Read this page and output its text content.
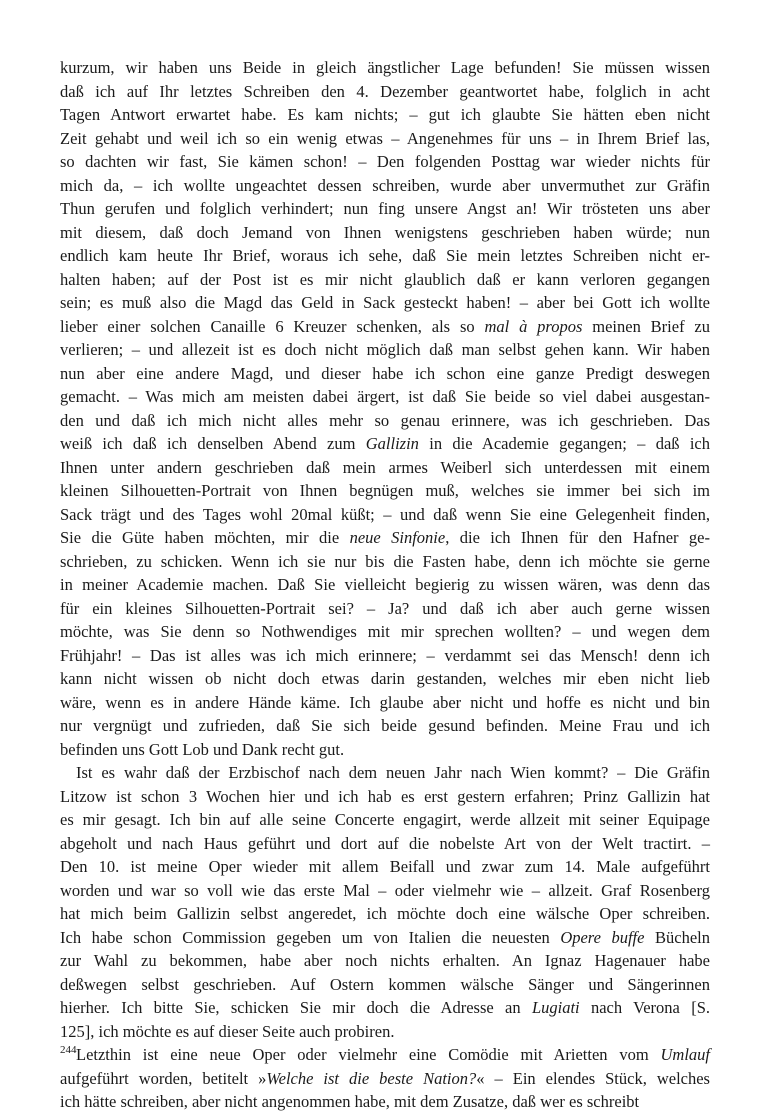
kurzum, wir haben uns Beide in gleich ängstlicher Lage befunden! Sie müssen wissen
daß ich auf Ihr letztes Schreiben den 4. Dezember geantwortet habe, folglich in acht
Tagen Antwort erwartet habe. Es kam nichts; – gut ich glaubte Sie hätten eben nicht
Zeit gehabt und weil ich so ein wenig etwas – Angenehmes für uns – in Ihrem Brief las,
so dachten wir fast, Sie kämen schon! – Den folgenden Posttag war wieder nichts für
mich da, – ich wollte ungeachtet dessen schreiben, wurde aber unvermuthet zur Gräfin
Thun gerufen und folglich verhindert; nun fing unsere Angst an! Wir trösteten uns aber
mit diesem, daß doch Jemand von Ihnen wenigstens geschrieben haben würde; nun
endlich kam heute Ihr Brief, woraus ich sehe, daß Sie mein letztes Schreiben nicht er-
halten haben; auf der Post ist es mir nicht glaublich daß er kann verloren gegangen
sein; es muß also die Magd das Geld in Sack gesteckt haben! – aber bei Gott ich wollte
lieber einer solchen Canaille 6 Kreuzer schenken, als so mal à propos meinen Brief zu
verlieren; – und allezeit ist es doch nicht möglich daß man selbst gehen kann. Wir haben
nun aber eine andere Magd, und dieser habe ich schon eine ganze Predigt deswegen
gemacht. – Was mich am meisten dabei ärgert, ist daß Sie beide so viel dabei ausgestan-
den und daß ich mich nicht alles mehr so genau erinnere, was ich geschrieben. Das
weiß ich daß ich denselben Abend zum Gallizin in die Academie gegangen; – daß ich
Ihnen unter andern geschrieben daß mein armes Weiberl sich unterdessen mit einem
kleinen Silhouetten-Portrait von Ihnen begnügen muß, welches sie immer bei sich im
Sack trägt und des Tages wohl 20mal küßt; – und daß wenn Sie eine Gelegenheit finden,
Sie die Güte haben möchten, mir die neue Sinfonie, die ich Ihnen für den Hafner ge-
schrieben, zu schicken. Wenn ich sie nur bis die Fasten habe, denn ich möchte sie gerne
in meiner Academie machen. Daß Sie vielleicht begierig zu wissen wären, was denn das
für ein kleines Silhouetten-Portrait sei? – Ja? und daß ich aber auch gerne wissen
möchte, was Sie denn so Nothwendiges mit mir sprechen wollten? – und wegen dem
Frühjahr! – Das ist alles was ich mich erinnere; – verdammt sei das Mensch! denn ich
kann nicht wissen ob nicht doch etwas darin gestanden, welches mir eben nicht lieb
wäre, wenn es in andere Hände käme. Ich glaube aber nicht und hoffe es nicht und bin
nur vergnügt und zufrieden, daß Sie sich beide gesund befinden. Meine Frau und ich
befinden uns Gott Lob und Dank recht gut.
Ist es wahr daß der Erzbischof nach dem neuen Jahr nach Wien kommt? – Die Gräfin
Litzow ist schon 3 Wochen hier und ich hab es erst gestern erfahren; Prinz Gallizin hat
es mir gesagt. Ich bin auf alle seine Concerte engagirt, werde allzeit mit seiner Equipage
abgeholt und nach Haus geführt und dort auf die nobelste Art von der Welt tractirt. –
Den 10. ist meine Oper wieder mit allem Beifall und zwar zum 14. Male aufgeführt
worden und war so voll wie das erste Mal – oder vielmehr wie – allzeit. Graf Rosenberg
hat mich beim Gallizin selbst angeredet, ich möchte doch eine wälsche Oper schreiben.
Ich habe schon Commission gegeben um von Italien die neuesten Opere buffe Bücheln
zur Wahl zu bekommen, habe aber noch nichts erhalten. An Ignaz Hagenauer habe
deßwegen selbst geschrieben. Auf Ostern kommen wälsche Sänger und Sängerinnen
hierher. Ich bitte Sie, schicken Sie mir doch die Adresse an Lugiati nach Verona [S.
125], ich möchte es auf dieser Seite auch probiren.
Letzthin ist eine neue Oper oder vielmehr eine Comödie mit Arietten vom Umlauf
aufgeführt worden, betitelt »Welche ist die beste Nation?« – Ein elendes Stück, welches
ich hätte schreiben, aber nicht angenommen habe, mit dem Zusatze, daß wer es schreibt
244
